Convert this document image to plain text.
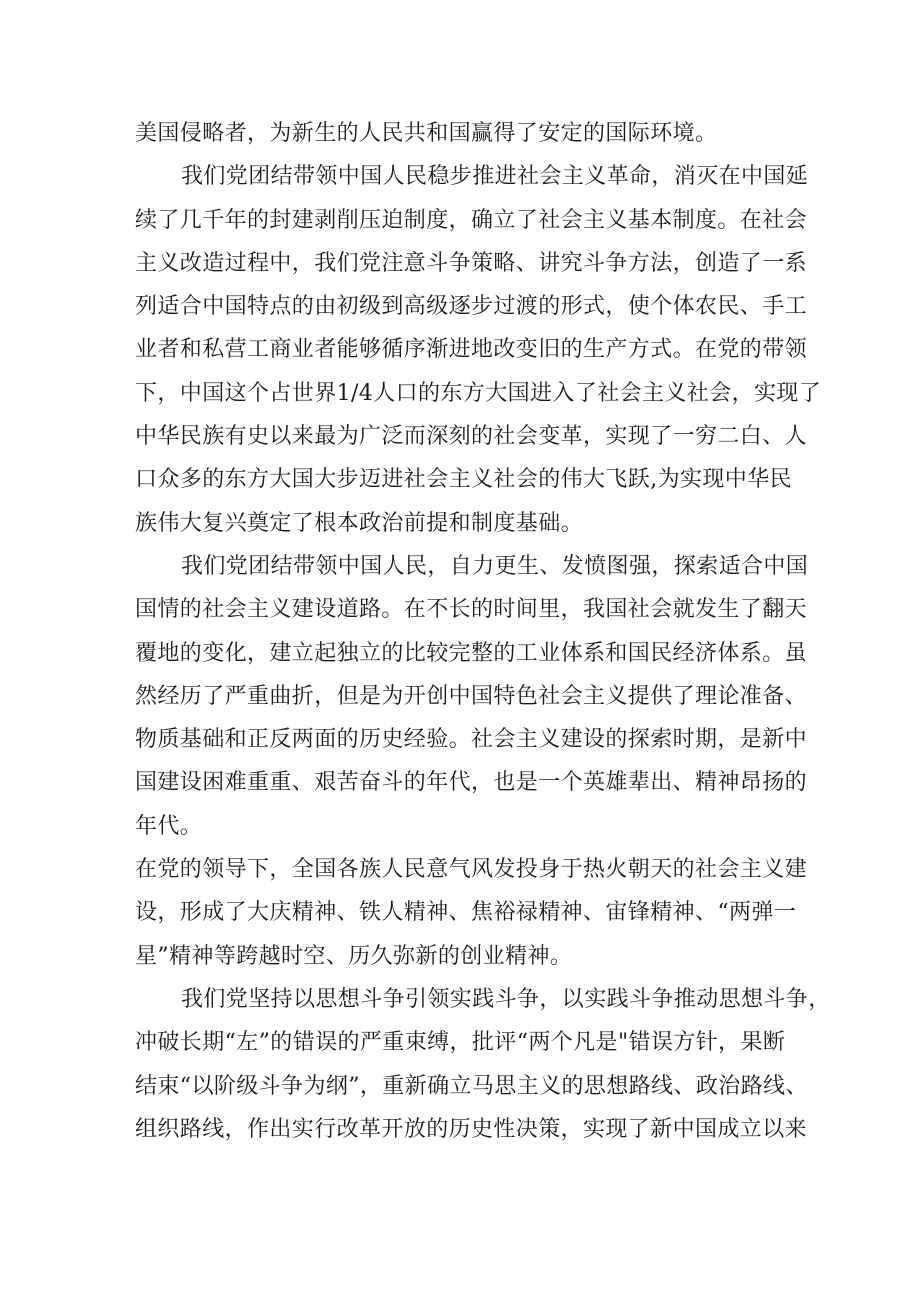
美国侵略者，为新生的人民共和国赢得了安定的国际环境。
我们党团结带领中国人民稳步推进社会主义革命，消灭在中国延
续了几千年的封建剥削压迫制度，确立了社会主义基本制度。在社会
主义改造过程中，我们党注意斗争策略、讲究斗争方法，创造了一系
列适合中国特点的由初级到高级逐步过渡的形式，使个体农民、手工
业者和私营工商业者能够循序渐进地改变旧的生产方式。在党的带领
下，中国这个占世界1/4人口的东方大国进入了社会主义社会，实现了
中华民族有史以来最为广泛而深刻的社会变革，实现了一穷二白、人
口众多的东方大国大步迈进社会主义社会的伟大飞跃,为实现中华民
族伟大复兴奠定了根本政治前提和制度基础。
我们党团结带领中国人民，自力更生、发愤图强，探索适合中国
国情的社会主义建设道路。在不长的时间里，我国社会就发生了翻天
覆地的变化，建立起独立的比较完整的工业体系和国民经济体系。虽
然经历了严重曲折，但是为开创中国特色社会主义提供了理论准备、
物质基础和正反两面的历史经验。社会主义建设的探索时期，是新中
国建设困难重重、艰苦奋斗的年代，也是一个英雄辈出、精神昂扬的
年代。
在党的领导下，全国各族人民意气风发投身于热火朝天的社会主义建
设，形成了大庆精神、铁人精神、焦裕禄精神、宙锋精神、“两弹一
星”精神等跨越时空、历久弥新的创业精神。
我们党坚持以思想斗争引领实践斗争，以实践斗争推动思想斗争，
冲破长期“左”的错误的严重束缚，批评“两个凡是"错误方针，果断
结束“以阶级斗争为纲”，重新确立马思主义的思想路线、政治路线、
组织路线，作出实行改革开放的历史性决策，实现了新中国成立以来
